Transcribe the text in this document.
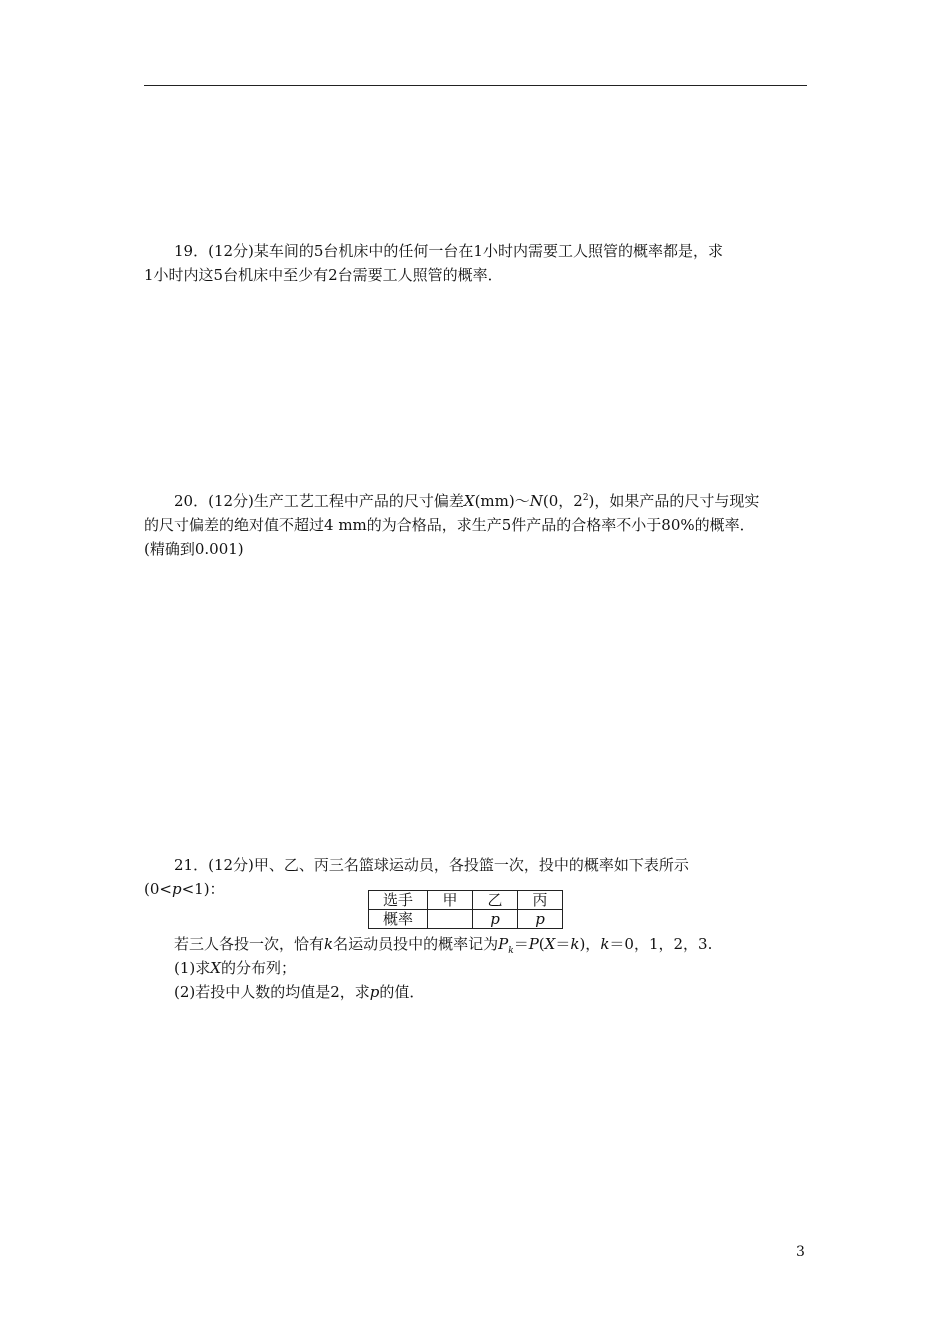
19．(12分)某车间的5台机床中的任何一台在1小时内需要工人照管的概率都是，求

1小时内这5台机床中至少有2台需要工人照管的概率．

20．(12分)生产工艺工程中产品的尺寸偏差X(mm)～N(0，$2^2$)，如果产品的尺寸与现实

的尺寸偏差的绝对值不超过4 mm的为合格品，求生产5件产品的合格率不小于80%的概率．

(精确到0.001)

21．(12分)甲、乙、丙三名篮球运动员，各投篮一次，投中的概率如下表所示

(0<p<1)：

选手	甲	乙	丙
概率		p	p

若三人各投一次，恰有k名运动员投中的概率记为$P_k=P(X=k)$，k＝0，1，2，3.

(1)求X的分布列；

(2)若投中人数的均值是2，求p的值．

3
